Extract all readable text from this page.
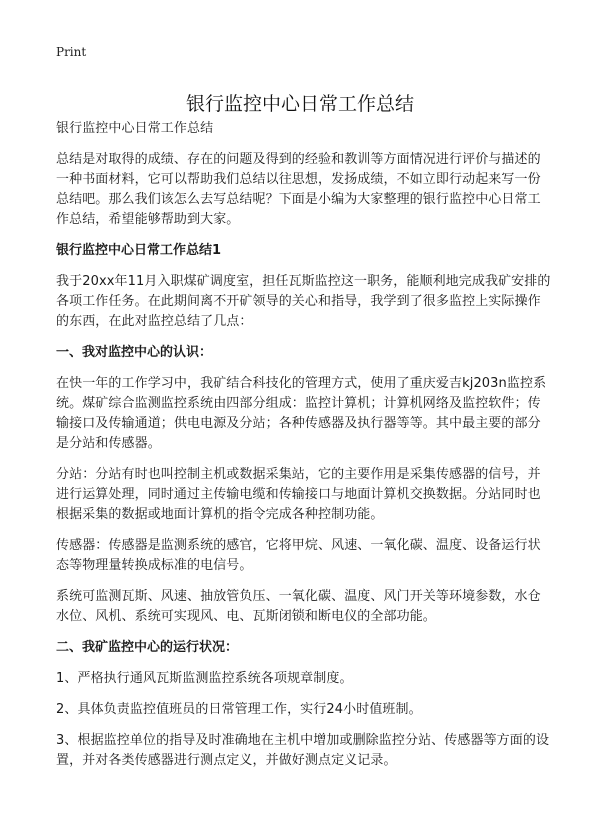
Print
银行监控中心日常工作总结

银行监控中心日常工作总结

总结是对取得的成绩、存在的问题及得到的经验和教训等方面情况进行评价与描述的一种书面材料，它可以帮助我们总结以往思想，发扬成绩，不如立即行动起来写一份总结吧。那么我们该怎么去写总结呢？下面是小编为大家整理的银行监控中心日常工作总结，希望能够帮助到大家。

银行监控中心日常工作总结1

我于20xx年11月入职煤矿调度室，担任瓦斯监控这一职务，能顺利地完成我矿安排的各项工作任务。在此期间离不开矿领导的关心和指导，我学到了很多监控上实际操作的东西，在此对监控总结了几点：

一、我对监控中心的认识：

在快一年的工作学习中，我矿结合科技化的管理方式，使用了重庆爱吉kj203n监控系统。煤矿综合监测监控系统由四部分组成：监控计算机；计算机网络及监控软件；传输接口及传输通道；供电电源及分站；各种传感器及执行器等等。其中最主要的部分是分站和传感器。

分站：分站有时也叫控制主机或数据采集站，它的主要作用是采集传感器的信号，并进行运算处理，同时通过主传输电缆和传输接口与地面计算机交换数据。分站同时也根据采集的数据或地面计算机的指令完成各种控制功能。

传感器：传感器是监测系统的感官，它将甲烷、风速、一氧化碳、温度、设备运行状态等物理量转换成标准的电信号。

系统可监测瓦斯、风速、抽放管负压、一氧化碳、温度、风门开关等环境参数，水仓水位、风机、系统可实现风、电、瓦斯闭锁和断电仪的全部功能。

二、我矿监控中心的运行状况：

1、严格执行通风瓦斯监测监控系统各项规章制度。

2、具体负责监控值班员的日常管理工作，实行24小时值班制。

3、根据监控单位的指导及时准确地在主机中增加或删除监控分站、传感器等方面的设置，并对各类传感器进行测点定义，并做好测点定义记录。
